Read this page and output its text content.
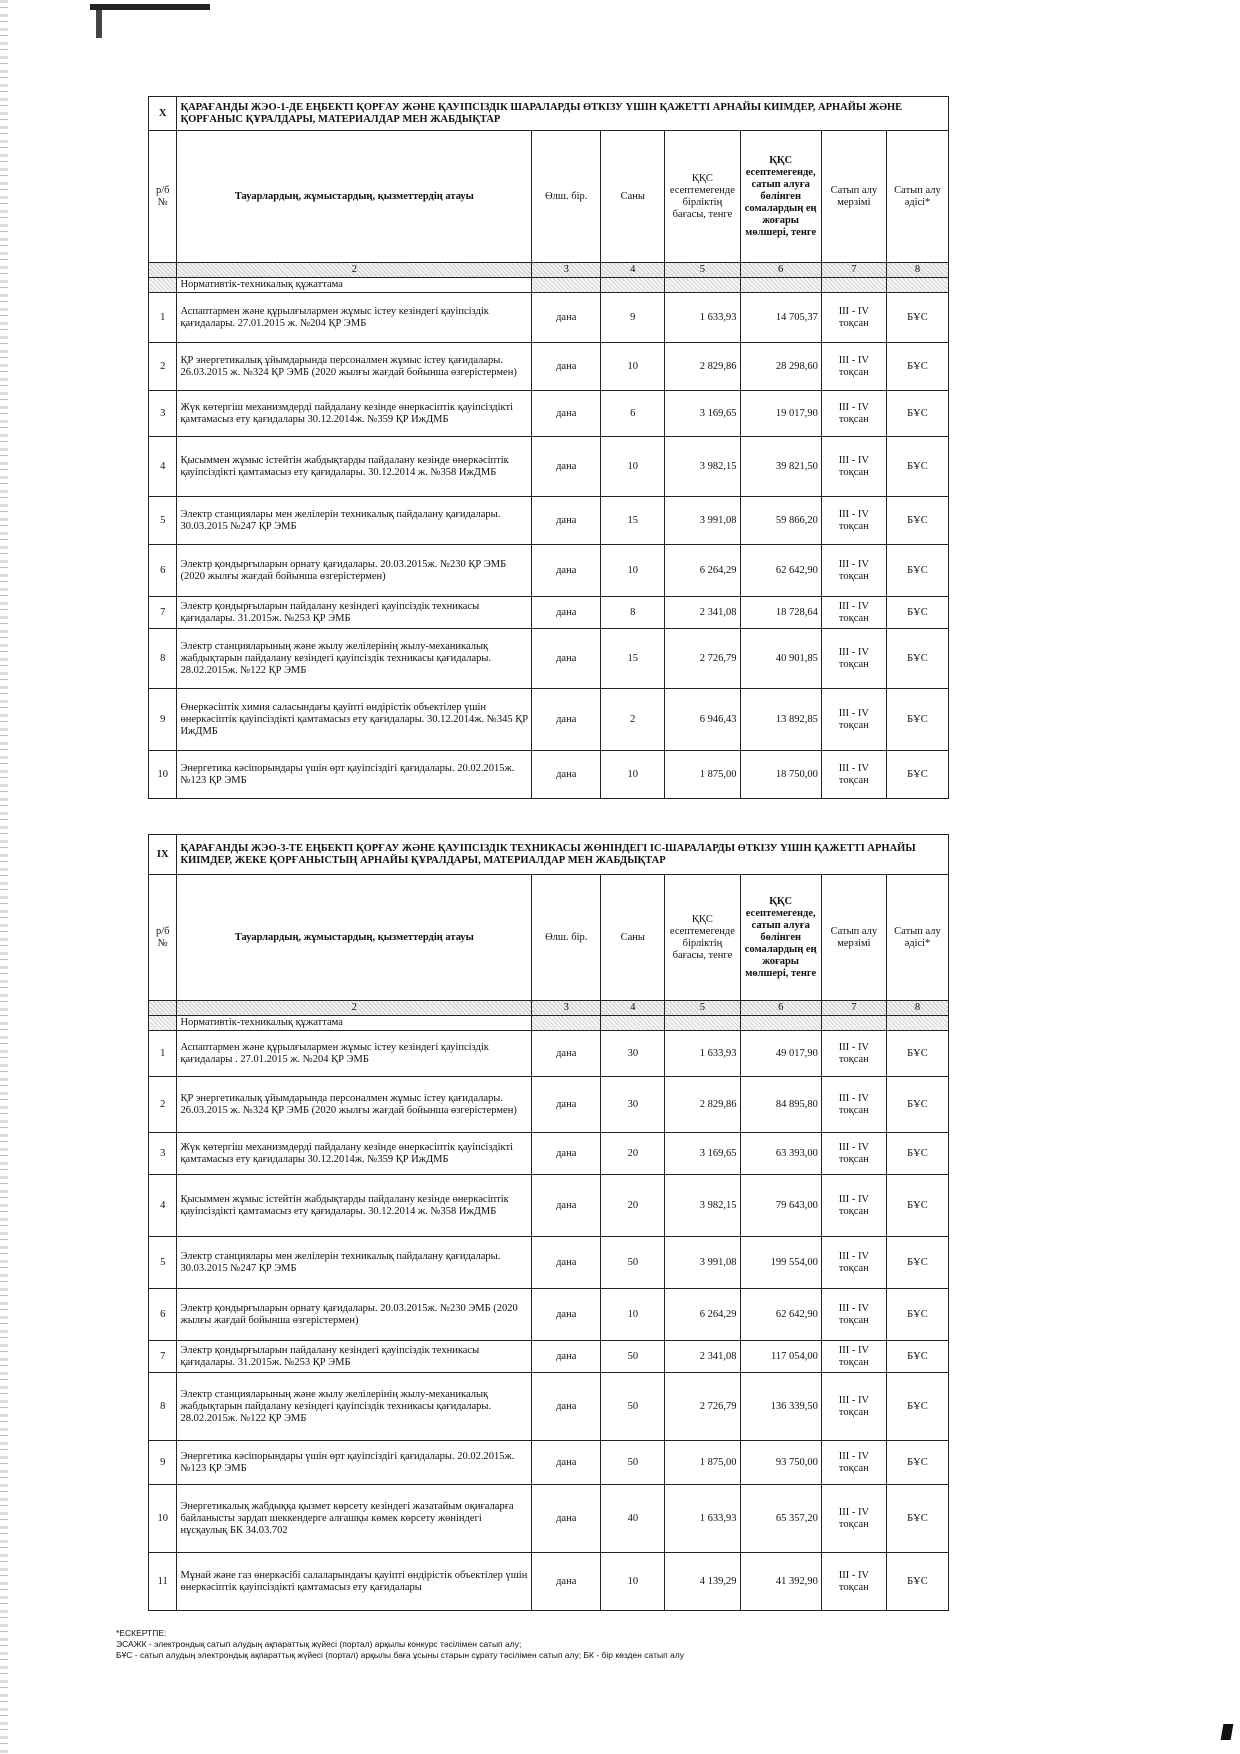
X	ҚАРАҒАНДЫ ЖЭО-1-ДЕ ЕҢБЕКТІ ҚОРҒАУ ЖӘНЕ ҚАУІПСІЗДІК ШАРАЛАРДЫ ӨТКІЗУ ҮШІН ҚАЖЕТТІ АРНАЙЫ КИІМДЕР, АРНАЙЫ ЖӘНЕ ҚОРҒАНЫС ҚҰРАЛДАРЫ, МАТЕРИАЛДАР МЕН ЖАБДЫҚТАР						
р/б №	Тауарлардың, жұмыстардың, қызметтердің атауы	Өлш. бір.	Саны	ҚҚС есептемегенде бірліктің бағасы, тенге	ҚҚС есептемегенде, сатып алуға бөлінген сомалардың ең жоғары мөлшері, тенге	Сатып алу мерзімі	Сатып алу әдісі*
	2	3	4	5	6	7	8
	Нормативтік-техникалық құжаттама						
1	Аспаптармен және құрылғылармен жұмыс істеу кезіндегі қауіпсіздік қағидалары. 27.01.2015 ж. №204 ҚР ЭМБ	дана	9	1 633,93	14 705,37	III - IV тоқсан	БҰС
2	ҚР энергетикалық ұйымдарында персоналмен жұмыс істеу қағидалары. 26.03.2015 ж. №324 ҚР ЭМБ (2020 жылғы жағдай бойынша өзгерістермен)	дана	10	2 829,86	28 298,60	III - IV тоқсан	БҰС
3	Жүк көтергіш механизмдерді пайдалану кезінде өнеркәсіптік қауіпсіздікті қамтамасыз ету қағидалары 30.12.2014ж. №359 ҚР ИжДМБ	дана	6	3 169,65	19 017,90	III - IV тоқсан	БҰС
4	Қысыммен жұмыс істейтін жабдықтарды пайдалану кезінде өнеркәсіптік қауіпсіздікті қамтамасыз ету қағидалары. 30.12.2014 ж. №358 ИжДМБ	дана	10	3 982,15	39 821,50	III - IV тоқсан	БҰС
5	Электр станциялары мен желілерін техникалық пайдалану қағидалары. 30.03.2015 №247 ҚР ЭМБ	дана	15	3 991,08	59 866,20	III - IV тоқсан	БҰС
6	Электр қондырғыларын орнату қағидалары. 20.03.2015ж. №230 ҚР ЭМБ (2020 жылғы жағдай бойынша өзгерістермен)	дана	10	6 264,29	62 642,90	III - IV тоқсан	БҰС
7	Электр қондырғыларын пайдалану кезіндегі қауіпсіздік техникасы қағидалары. 31.2015ж. №253 ҚР ЭМБ	дана	8	2 341,08	18 728,64	III - IV тоқсан	БҰС
8	Электр станцияларының және жылу желілерінің жылу-механикалық жабдықтарын пайдалану кезіндегі қауіпсіздік техникасы қағидалары. 28.02.2015ж. №122 ҚР ЭМБ	дана	15	2 726,79	40 901,85	III - IV тоқсан	БҰС
9	Өнеркәсіптік химия саласындағы қауіпті өндірістік объектілер үшін өнеркәсіптік қауіпсіздікті қамтамасыз ету қағидалары. 30.12.2014ж. №345 ҚР ИжДМБ	дана	2	6 946,43	13 892,85	III - IV тоқсан	БҰС
10	Энергетика кәсіпорындары үшін өрт қауіпсіздігі қағидалары. 20.02.2015ж. №123 ҚР ЭМБ	дана	10	1 875,00	18 750,00	III - IV тоқсан	БҰС
IX	ҚАРАҒАНДЫ ЖЭО-3-ТЕ ЕҢБЕКТІ ҚОРҒАУ ЖӘНЕ ҚАУІПСІЗДІК ТЕХНИКАСЫ ЖӨНІНДЕГІ ІС-ШАРАЛАРДЫ ӨТКІЗУ ҮШІН ҚАЖЕТТІ АРНАЙЫ КИІМДЕР, ЖЕКЕ ҚОРҒАНЫСТЫҢ АРНАЙЫ ҚҰРАЛДАРЫ, МАТЕРИАЛДАР МЕН ЖАБДЫҚТАР						
р/б №	Тауарлардың, жұмыстардың, қызметтердің атауы	Өлш. бір.	Саны	ҚҚС есептемегенде бірліктің бағасы, тенге	ҚҚС есептемегенде, сатып алуға бөлінген сомалардың ең жоғары мөлшері, тенге	Сатып алу мерзімі	Сатып алу әдісі*
	2	3	4	5	6	7	8
	Нормативтік-техникалық құжаттама						
1	Аспаптармен және құрылғылармен жұмыс істеу кезіндегі қауіпсіздік қағидалары . 27.01.2015 ж. №204 ҚР ЭМБ	дана	30	1 633,93	49 017,90	III - IV тоқсан	БҰС
2	ҚР энергетикалық ұйымдарында персоналмен жұмыс істеу қағидалары. 26.03.2015 ж. №324 ҚР ЭМБ (2020 жылғы жағдай бойынша өзгерістермен)	дана	30	2 829,86	84 895,80	III - IV тоқсан	БҰС
3	Жүк көтергіш механизмдерді пайдалану кезінде өнеркәсіптік қауіпсіздікті қамтамасыз ету қағидалары 30.12.2014ж. №359 ҚР ИжДМБ	дана	20	3 169,65	63 393,00	III - IV тоқсан	БҰС
4	Қысыммен жұмыс істейтін жабдықтарды пайдалану кезінде өнеркәсіптік қауіпсіздікті қамтамасыз ету қағидалары. 30.12.2014 ж. №358 ИжДМБ	дана	20	3 982,15	79 643,00	III - IV тоқсан	БҰС
5	Электр станциялары мен желілерін техникалық пайдалану қағидалары. 30.03.2015 №247 ҚР ЭМБ	дана	50	3 991,08	199 554,00	III - IV тоқсан	БҰС
6	Электр қондырғыларын орнату қағидалары. 20.03.2015ж. №230 ЭМБ (2020 жылғы жағдай бойынша өзгерістермен)	дана	10	6 264,29	62 642,90	III - IV тоқсан	БҰС
7	Электр қондырғыларын пайдалану кезіндегі қауіпсіздік техникасы қағидалары. 31.2015ж. №253 ҚР ЭМБ	дана	50	2 341,08	117 054,00	III - IV тоқсан	БҰС
8	Электр станцияларының және жылу желілерінің жылу-механикалық жабдықтарын пайдалану кезіндегі қауіпсіздік техникасы қағидалары. 28.02.2015ж. №122 ҚР ЭМБ	дана	50	2 726,79	136 339,50	III - IV тоқсан	БҰС
9	Энергетика кәсіпорындары үшін өрт қауіпсіздігі қағидалары. 20.02.2015ж. №123 ҚР ЭМБ	дана	50	1 875,00	93 750,00	III - IV тоқсан	БҰС
10	Энергетикалық жабдыққа қызмет көрсету кезіндегі жазатайым оқиғаларға байланысты зардап шеккендерге алғашқы көмек көрсету жөніндегі нұсқаулық БК 34.03.702	дана	40	1 633,93	65 357,20	III - IV тоқсан	БҰС
11	Мұнай және газ өнеркәсібі салаларындағы қауіпті өндірістік объектілер үшін өнеркәсіптік қауіпсіздікті қамтамасыз ету қағидалары	дана	10	4 139,29	41 392,90	III - IV тоқсан	БҰС
*ЕСКЕРТПЕ:
ЭСАЖК - электрондық сатып алудың ақпараттық жүйесі (портал) арқылы конкурс тәсілімен сатып алу;
БҰС - сатып алудың электрондық ақпараттық жүйесі (портал) арқылы баға ұсыны старын сұрату тәсілімен сатып алу; БК - бір көзден сатып алу
